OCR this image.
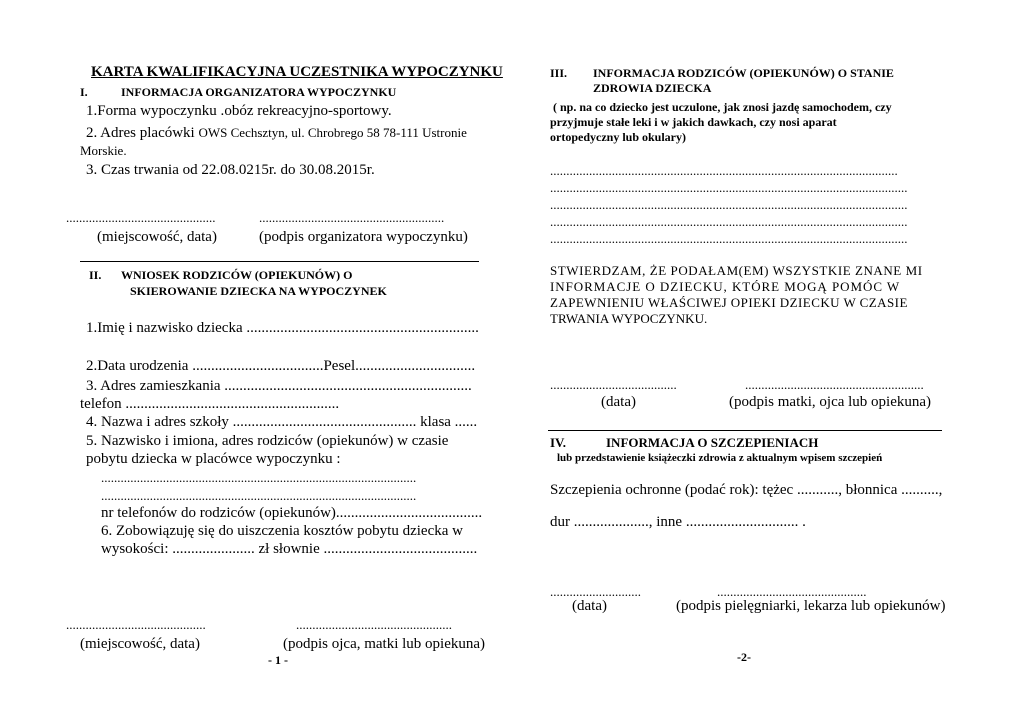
KARTA KWALIFIKACYJNA UCZESTNIKA WYPOCZYNKU
I.	INFORMACJA ORGANIZATORA WYPOCZYNKU
1.Forma wypoczynku .obóz rekreacyjno-sportowy.
2. Adres placówki OWS Cechsztyn, ul. Chrobrego 58 78-111 Ustronie
Morskie.
3. Czas trwania od 22.08.0215r. do 30.08.2015r.
..............................................	.........................................................
(miejscowość, data)	(podpis organizatora wypoczynku)
II. WNIOSEK RODZICÓW (OPIEKUNÓW) O
SKIEROWANIE DZIECKA NA WYPOCZYNEK
1.Imię i nazwisko dziecka ..............................................................
2.Data urodzenia ...................................Pesel................................
3. Adres zamieszkania ..................................................................
telefon .........................................................
4. Nazwa i adres szkoły ................................................. klasa ......
5. Nazwisko i imiona, adres rodziców (opiekunów) w czasie
pobytu dziecka w placówce wypoczynku :
.................................................................................................
.................................................................................................
nr telefonów do rodziców (opiekunów).......................................
6. Zobowiązuję się do uiszczenia kosztów pobytu dziecka w
wysokości: ...................... zł słownie .........................................
...........................................	................................................
(miejscowość, data)	(podpis ojca, matki lub opiekuna)
- 1 -
III. INFORMACJA RODZICÓW (OPIEKUNÓW) O STANIE
ZDROWIA DZIECKA
( np. na co dziecko jest uczulone, jak znosi jazdę samochodem, czy
przyjmuje stałe leki i w jakich dawkach, czy nosi aparat
ortopedyczny lub okulary)
...........................................................................................................
..............................................................................................................
..............................................................................................................
..............................................................................................................
..............................................................................................................
STWIERDZAM, ŻE PODAŁAM(EM) WSZYSTKIE ZNANE MI
INFORMACJE O DZIECKU, KTÓRE MOGĄ POMÓC W
ZAPEWNIENIU WŁAŚCIWEJ OPIEKI DZIECKU W CZASIE
TRWANIA WYPOCZYNKU.
.......................................	.......................................................
(data)	(podpis matki, ojca lub opiekuna)
IV.	INFORMACJA O SZCZEPIENIACH
lub przedstawienie książeczki zdrowia z aktualnym wpisem szczepień
Szczepienia ochronne (podać rok): tężec ..........., błonnica ..........,
dur ...................., inne .............................. .
............................	..............................................
(data)	(podpis pielęgniarki, lekarza lub opiekunów)
-2-
